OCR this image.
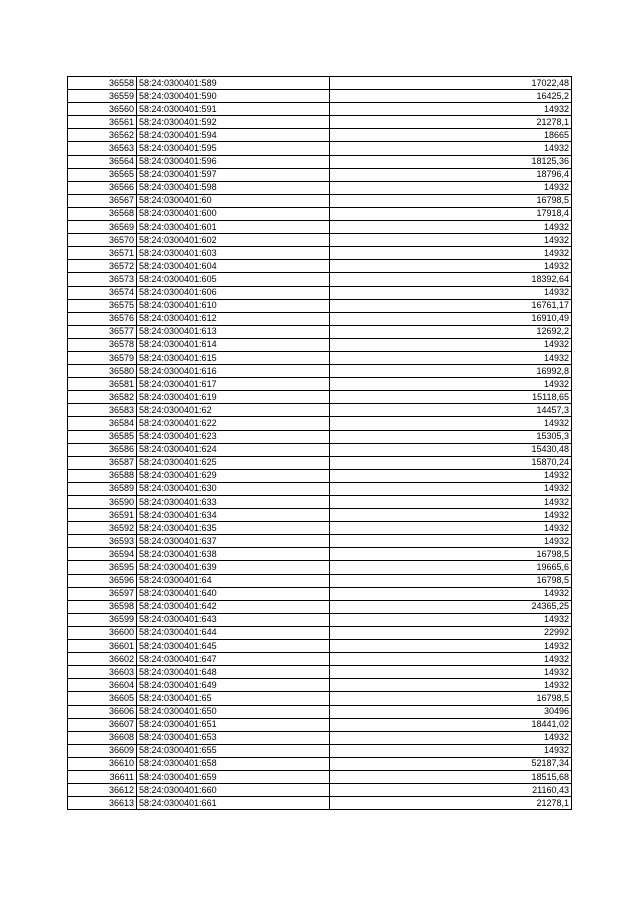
36558	58:24:0300401:589	17022,48
36559	58:24:0300401:590	16425,2
36560	58:24:0300401:591	14932
36561	58:24:0300401:592	21278,1
36562	58:24:0300401:594	18665
36563	58:24:0300401:595	14932
36564	58:24:0300401:596	18125,36
36565	58:24:0300401:597	18796,4
36566	58:24:0300401:598	14932
36567	58:24:0300401:60	16798,5
36568	58:24:0300401:600	17918,4
36569	58:24:0300401:601	14932
36570	58:24:0300401:602	14932
36571	58:24:0300401:603	14932
36572	58:24:0300401:604	14932
36573	58:24:0300401:605	18392,64
36574	58:24:0300401:606	14932
36575	58:24:0300401:610	16761,17
36576	58:24:0300401:612	16910,49
36577	58:24:0300401:613	12692,2
36578	58:24:0300401:614	14932
36579	58:24:0300401:615	14932
36580	58:24:0300401:616	16992,8
36581	58:24:0300401:617	14932
36582	58:24:0300401:619	15118,65
36583	58:24:0300401:62	14457,3
36584	58:24:0300401:622	14932
36585	58:24:0300401:623	15305,3
36586	58:24:0300401:624	15430,48
36587	58:24:0300401:625	15870,24
36588	58:24:0300401:629	14932
36589	58:24:0300401:630	14932
36590	58:24:0300401:633	14932
36591	58:24:0300401:634	14932
36592	58:24:0300401:635	14932
36593	58:24:0300401:637	14932
36594	58:24:0300401:638	16798,5
36595	58:24:0300401:639	19665,6
36596	58:24:0300401:64	16798,5
36597	58:24:0300401:640	14932
36598	58:24:0300401:642	24365,25
36599	58:24:0300401:643	14932
36600	58:24:0300401:644	22992
36601	58:24:0300401:645	14932
36602	58:24:0300401:647	14932
36603	58:24:0300401:648	14932
36604	58:24:0300401:649	14932
36605	58:24:0300401:65	16798,5
36606	58:24:0300401:650	30496
36607	58:24:0300401:651	18441,02
36608	58:24:0300401:653	14932
36609	58:24:0300401:655	14932
36610	58:24:0300401:658	52187,34
36611	58:24:0300401:659	18515,68
36612	58:24:0300401:660	21160,43
36613	58:24:0300401:661	21278,1
